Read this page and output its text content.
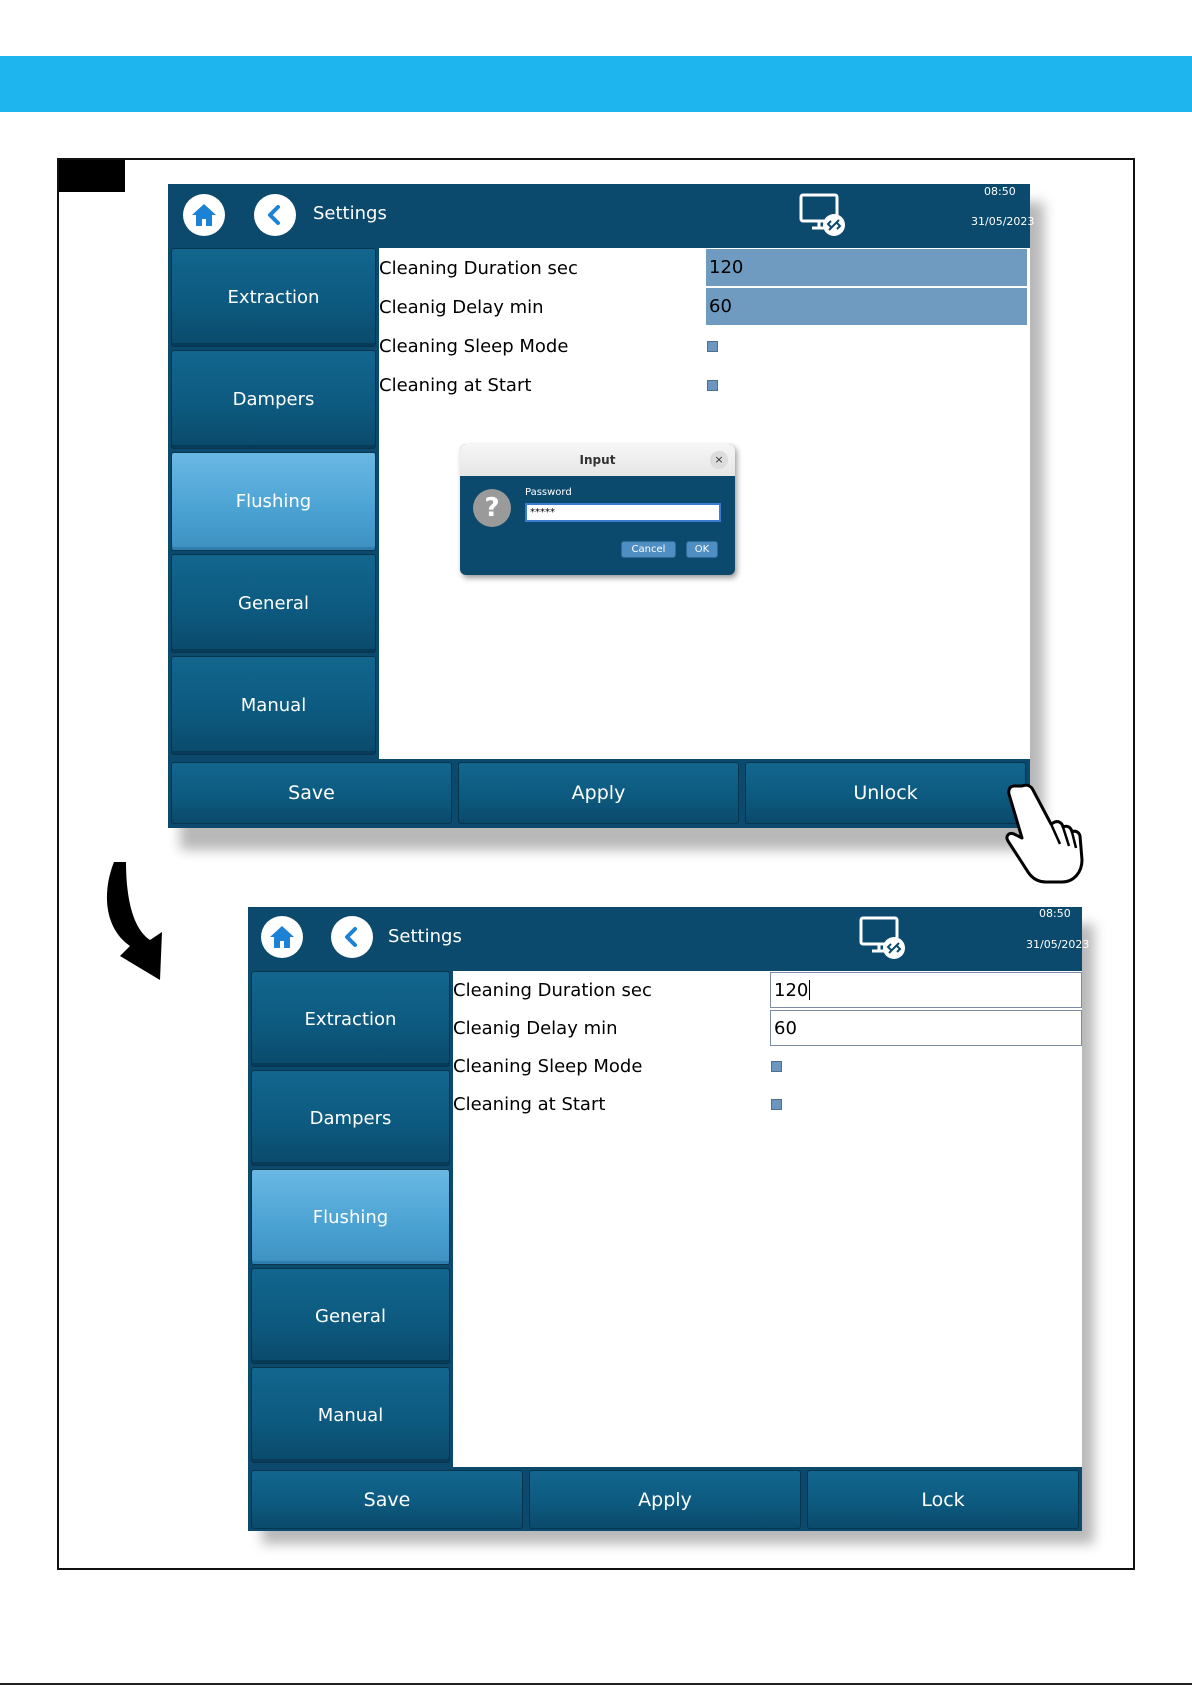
Settings
08:50
31/05/2023
Extraction
Dampers
Flushing
General
Manual
Cleaning Duration sec	120
Cleanig Delay min	60
Cleaning Sleep Mode
Cleaning at Start
Save	Apply	Unlock
Input	×
?
Password
*****
Cancel	OK
Settings
08:50
31/05/2023
Extraction
Dampers
Flushing
General
Manual
Cleaning Duration sec	120
Cleanig Delay min	60
Cleaning Sleep Mode
Cleaning at Start
Save	Apply	Lock
